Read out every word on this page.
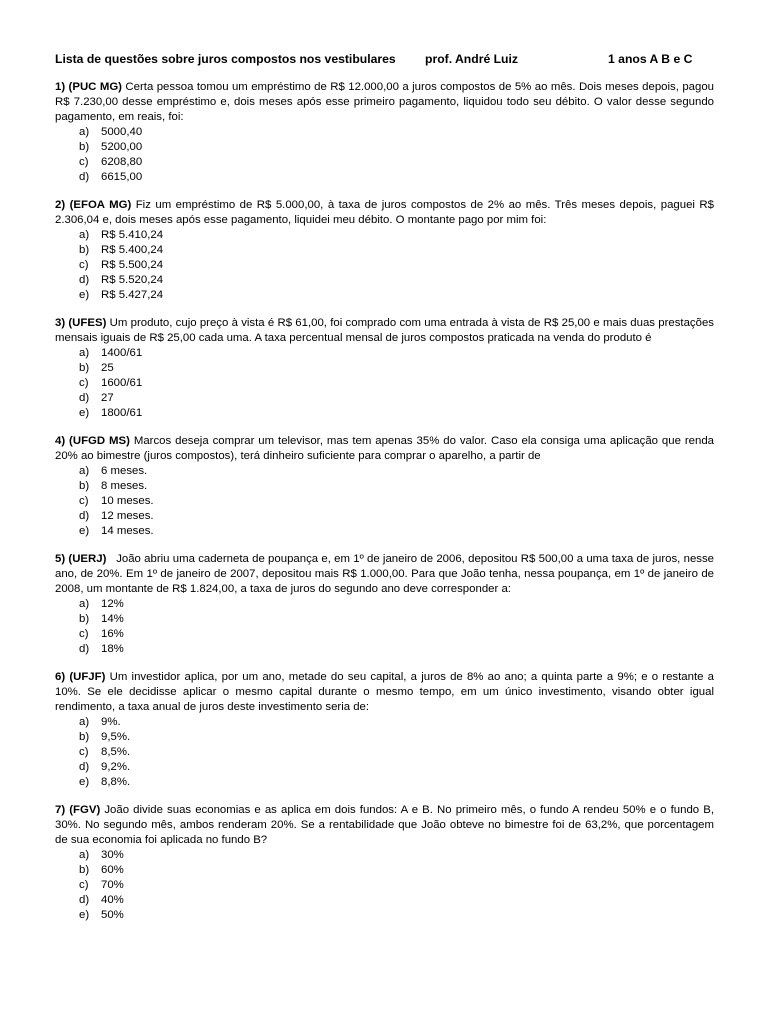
Lista de questões sobre juros compostos nos vestibulares	prof. André Luiz	1 anos A B e C

1) (PUC MG) Certa pessoa tomou um empréstimo de R$ 12.000,00 a juros compostos de 5% ao mês. Dois meses depois, pagou R$ 7.230,00 desse empréstimo e, dois meses após esse primeiro pagamento, liquidou todo seu débito. O valor desse segundo pagamento, em reais, foi:

a)	5000,40
b)	5200,00
c)	6208,80
d)	6615,00

2) (EFOA MG) Fiz um empréstimo de R$ 5.000,00, à taxa de juros compostos de 2% ao mês. Três meses depois, paguei R$ 2.306,04 e, dois meses após esse pagamento, liquidei meu débito. O montante pago por mim foi:

a)	R$ 5.410,24
b)	R$ 5.400,24
c)	R$ 5.500,24
d)	R$ 5.520,24
e)	R$ 5.427,24

3) (UFES) Um produto, cujo preço à vista é R$ 61,00, foi comprado com uma entrada à vista de R$ 25,00 e mais duas prestações mensais iguais de R$ 25,00 cada uma. A taxa percentual mensal de juros compostos praticada na venda do produto é

a)	1400/61
b)	25
c)	1600/61
d)	27
e)	1800/61

4) (UFGD MS) Marcos deseja comprar um televisor, mas tem apenas 35% do valor. Caso ela consiga uma aplicação que renda 20% ao bimestre (juros compostos), terá dinheiro suficiente para comprar o aparelho, a partir de

a)	6 meses.
b)	8 meses.
c)	10 meses.
d)	12 meses.
e)	14 meses.

5) (UERJ)   João abriu uma caderneta de poupança e, em 1º de janeiro de 2006, depositou R$ 500,00 a uma taxa de juros, nesse ano, de 20%. Em 1º de janeiro de 2007, depositou mais R$ 1.000,00. Para que João tenha, nessa poupança, em 1º de janeiro de 2008, um montante de R$ 1.824,00, a taxa de juros do segundo ano deve corresponder a:

a)	12%
b)	14%
c)	16%
d)	18%

6) (UFJF) Um investidor aplica, por um ano, metade do seu capital, a juros de 8% ao ano; a quinta parte a 9%; e o restante a 10%. Se ele decidisse aplicar o mesmo capital durante o mesmo tempo, em um único investimento, visando obter igual rendimento, a taxa anual de juros deste investimento seria de:

a)	9%.
b)	9,5%.
c)	8,5%.
d)	9,2%.
e)	8,8%.

7) (FGV) João divide suas economias e as aplica em dois fundos: A e B. No primeiro mês, o fundo A rendeu 50% e o fundo B, 30%. No segundo mês, ambos renderam 20%. Se a rentabilidade que João obteve no bimestre foi de 63,2%, que porcentagem de sua economia foi aplicada no fundo B?

a)	30%
b)	60%
c)	70%
d)	40%
e)	50%
